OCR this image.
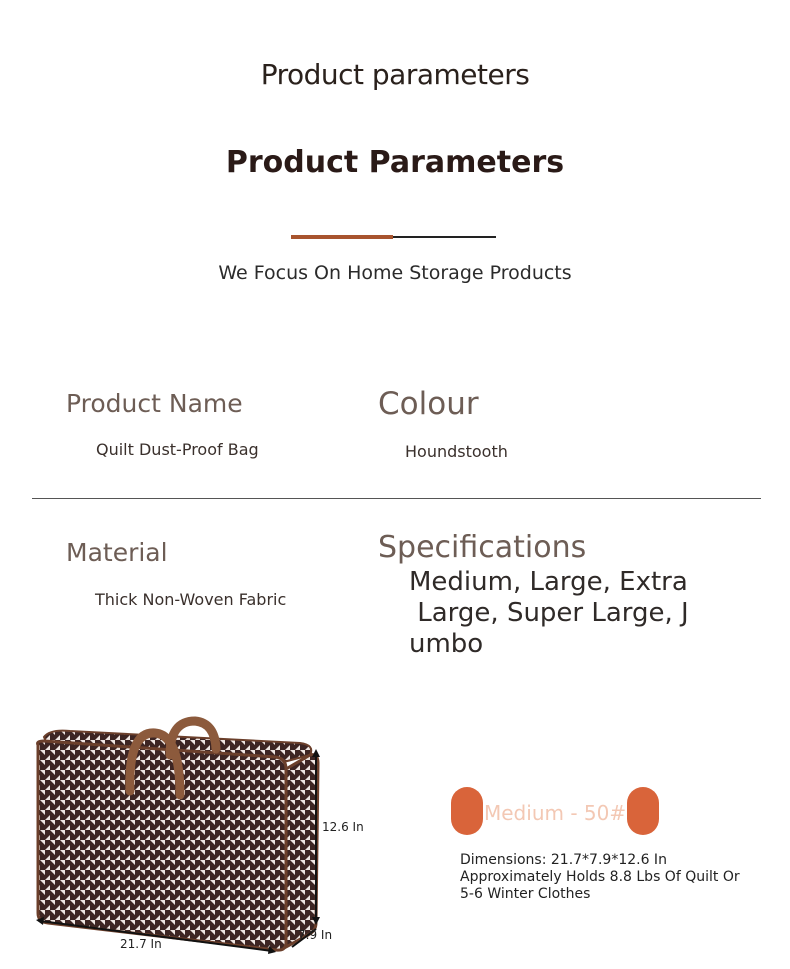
Product parameters
Product Parameters
We Focus On Home Storage Products
Product Name
Quilt Dust-Proof Bag
Colour
Houndstooth
Material
Thick Non-Woven Fabric
Specifications
Medium, Large, Extra
Large, Super Large, J
umbo
12.6 In
21.7 In
7.9 In
Medium - 50#
Dimensions: 21.7*7.9*12.6 In
Approximately Holds 8.8 Lbs Of Quilt Or 5-6 Winter Clothes
